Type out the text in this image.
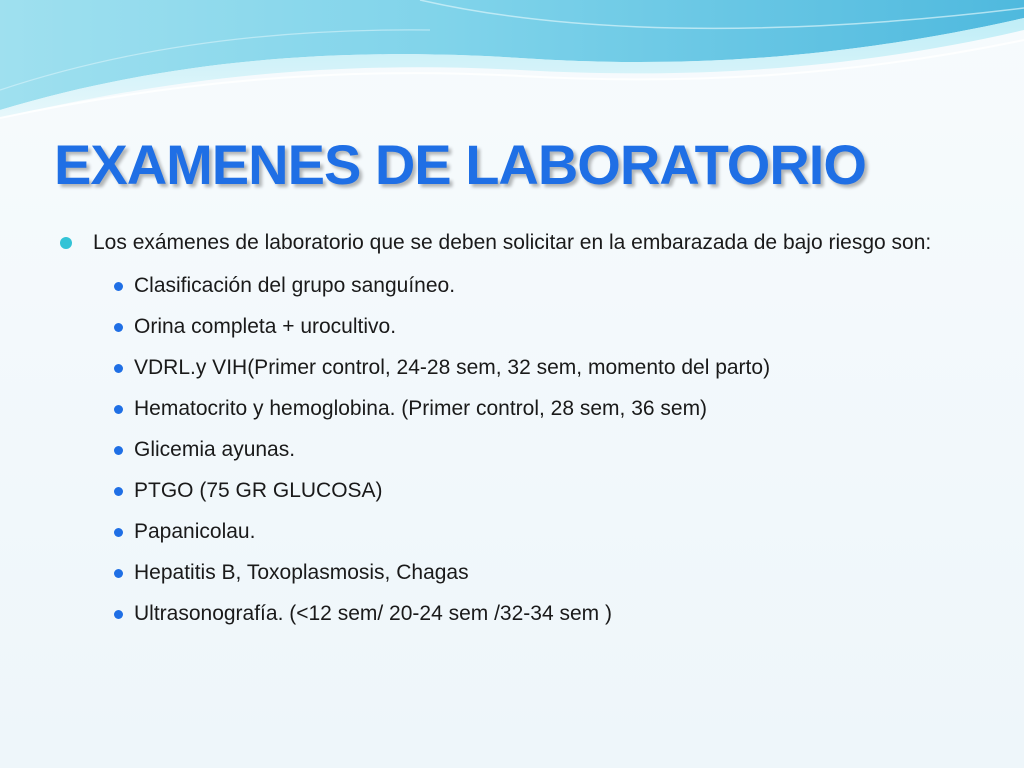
EXAMENES DE LABORATORIO
Los exámenes de laboratorio que se deben solicitar en la embarazada de bajo riesgo son:
Clasificación del grupo sanguíneo.
Orina completa + urocultivo.
VDRL.y VIH(Primer control, 24-28 sem, 32 sem, momento del parto)
Hematocrito y hemoglobina. (Primer control, 28 sem, 36 sem)
Glicemia ayunas.
PTGO (75 GR GLUCOSA)
Papanicolau.
Hepatitis B, Toxoplasmosis, Chagas
Ultrasonografía. (<12 sem/ 20-24 sem /32-34 sem )
